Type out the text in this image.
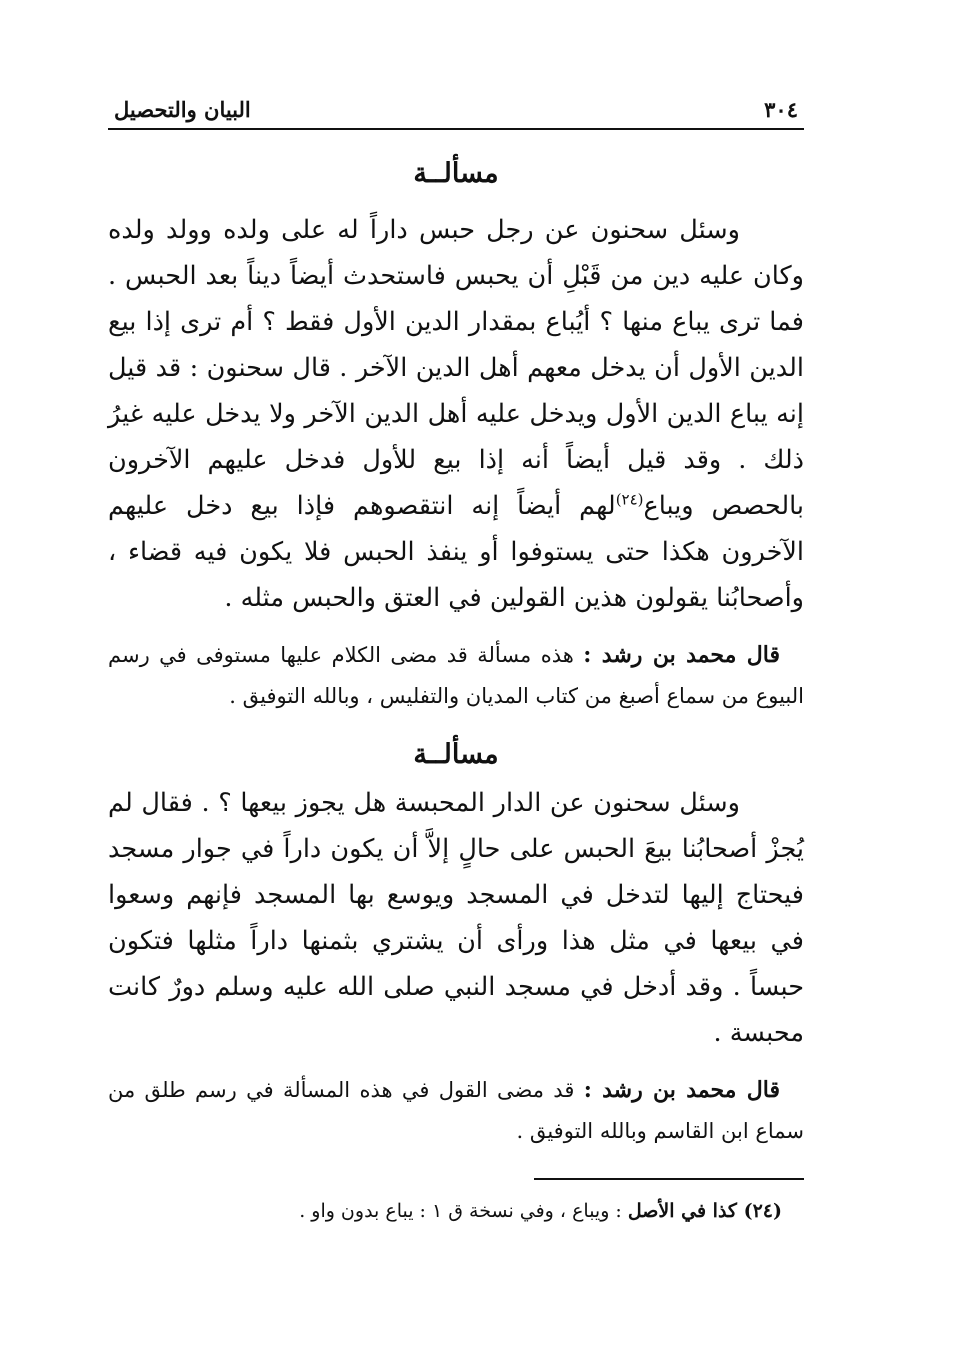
٣٠٤
البيان والتحصيل
مسألــة

وسئل سحنون عن رجل حبس داراً له على ولده وولد ولده وكان عليه دين من قَبْلِ أن يحبس فاستحدث أيضاً ديناً بعد الحبس . فما ترى يباع منها ؟ أيُباع بمقدار الدين الأول فقط ؟ أم ترى إذا بيع الدين الأول أن يدخل معهم أهل الدين الآخر . قال سحنون : قد قيل إنه يباع الدين الأول ويدخل عليه أهل الدين الآخر ولا يدخل عليه غيرُ ذلك . وقد قيل أيضاً أنه إذا بيع للأول فدخل عليهم الآخرون بالحصص ويباع$^{(٢٤)}$لهم أيضاً إنه انتقصوهم فإذا بيع دخل عليهم الآخرون هكذا حتى يستوفوا أو ينفذ الحبس فلا يكون فيه قضاء ، وأصحابُنا يقولون هذين القولين في العتق والحبس مثله .

قال محمد بن رشد : هذه مسألة قد مضى الكلام عليها مستوفى في رسم البيوع من سماع أصبغ من كتاب المديان والتفليس ، وبالله التوفيق .

مسألــة

وسئل سحنون عن الدار المحبسة هل يجوز بيعها ؟ . فقال لم يُجزْ أصحابُنا بيعَ الحبس على حالٍ إلاَّ أن يكون داراً في جوار مسجد فيحتاج إليها لتدخل في المسجد ويوسع بها المسجد فإنهم وسعوا في بيعها في مثل هذا ورأى أن يشتري بثمنها داراً مثلها فتكون حبساً . وقد أدخل في مسجد النبي صلى الله عليه وسلم دورٌ كانت محبسة .

قال محمد بن رشد : قد مضى القول في هذه المسألة في رسم طلق من سماع ابن القاسم وبالله التوفيق .

(٢٤) كذا في الأصل : ويباع ، وفي نسخة ق ١ : يباع بدون واو .
